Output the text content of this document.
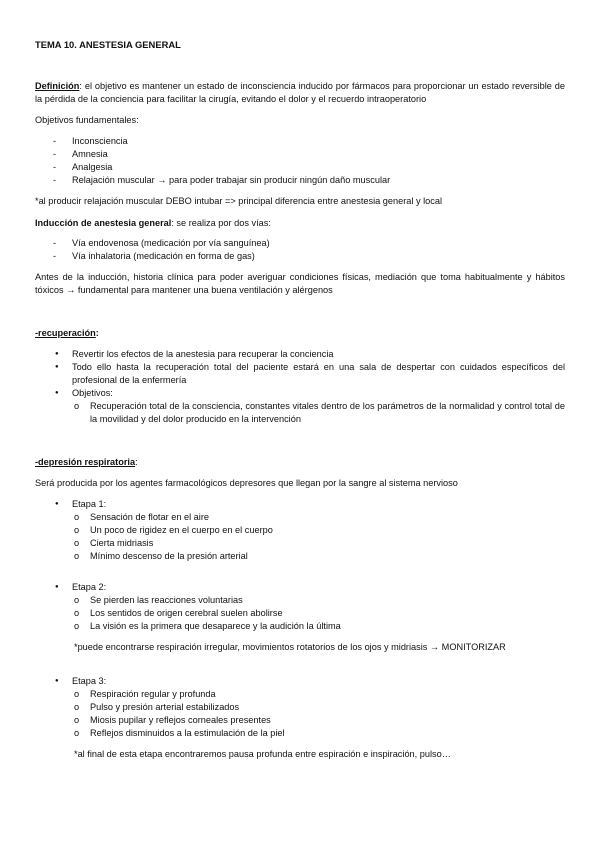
TEMA 10. ANESTESIA GENERAL

Definición: el objetivo es mantener un estado de inconsciencia inducido por fármacos para proporcionar un estado reversible de la pérdida de la conciencia para facilitar la cirugía, evitando el dolor y el recuerdo intraoperatorio

Objetivos fundamentales:

- Inconsciencia
- Amnesia
- Analgesia
- Relajación muscular → para poder trabajar sin producir ningún daño muscular

*al producir relajación muscular DEBO intubar => principal diferencia entre anestesia general y local

Inducción de anestesia general: se realiza por dos vías:

- Vía endovenosa (medicación por vía sanguínea)
- Vía inhalatoria (medicación en forma de gas)

Antes de la inducción, historia clínica para poder averiguar condiciones físicas, mediación que toma habitualmente y hábitos tóxicos → fundamental para mantener una buena ventilación y alérgenos

-recuperación:

● Revertir los efectos de la anestesia para recuperar la conciencia
● Todo ello hasta la recuperación total del paciente estará en una sala de despertar con cuidados específicos del profesional de la enfermería
● Objetivos:
o Recuperación total de la consciencia, constantes vitales dentro de los parámetros de la normalidad y control total de la movilidad y del dolor producido en la intervención

-depresión respiratoria:

Será producida por los agentes farmacológicos depresores que llegan por la sangre al sistema nervioso

● Etapa 1:
o Sensación de flotar en el aire
o Un poco de rigidez en el cuerpo en el cuerpo
o Cierta midriasis
o Mínimo descenso de la presión arterial
● Etapa 2:
o Se pierden las reacciones voluntarias
o Los sentidos de origen cerebral suelen abolirse
o La visión es la primera que desaparece y la audición la última

*puede encontrarse respiración irregular, movimientos rotatorios de los ojos y midriasis → MONITORIZAR

● Etapa 3:
o Respiración regular y profunda
o Pulso y presión arterial estabilizados
o Miosis pupilar y reflejos corneales presentes
o Reflejos disminuidos a la estimulación de la piel

*al final de esta etapa encontraremos pausa profunda entre espiración e inspiración, pulso…
